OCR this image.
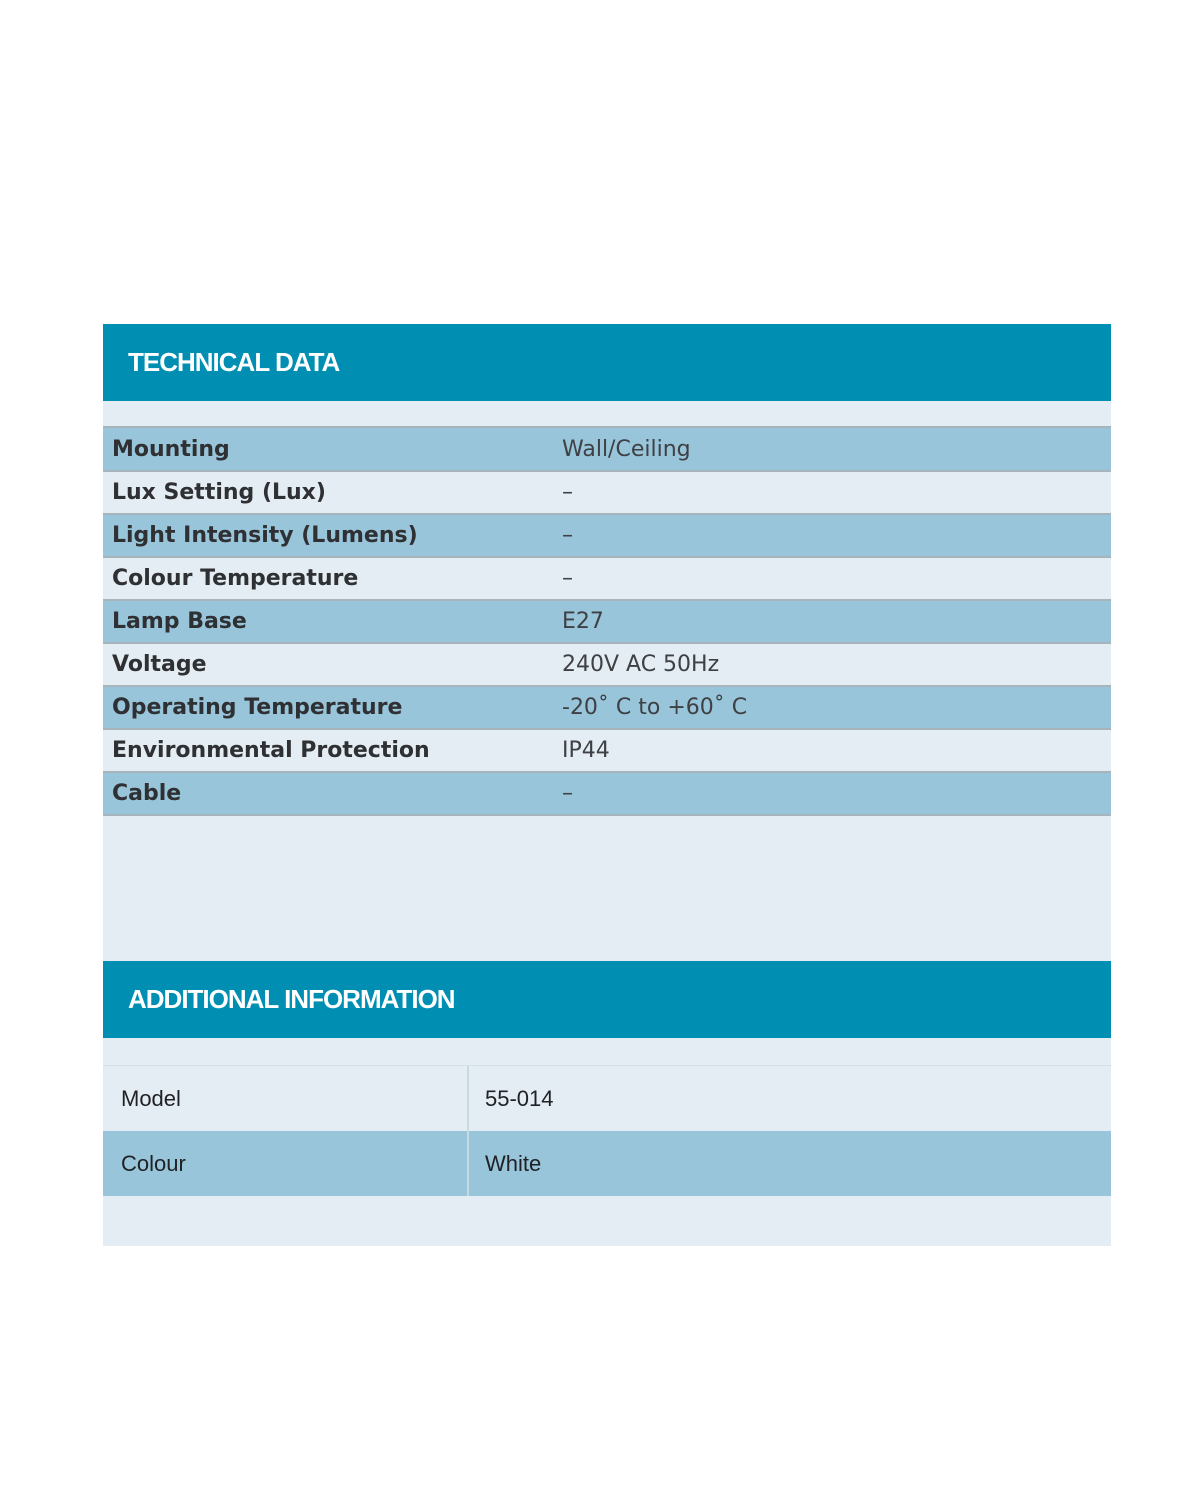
TECHNICAL DATA
Mounting	Wall/Ceiling
Lux Setting (Lux)	–
Light Intensity (Lumens)	–
Colour Temperature	–
Lamp Base	E27
Voltage	240V AC 50Hz
Operating Temperature	-20˚ C to +60˚ C
Environmental Protection	IP44
Cable	–
ADDITIONAL INFORMATION
Model	55-014
Colour	White
